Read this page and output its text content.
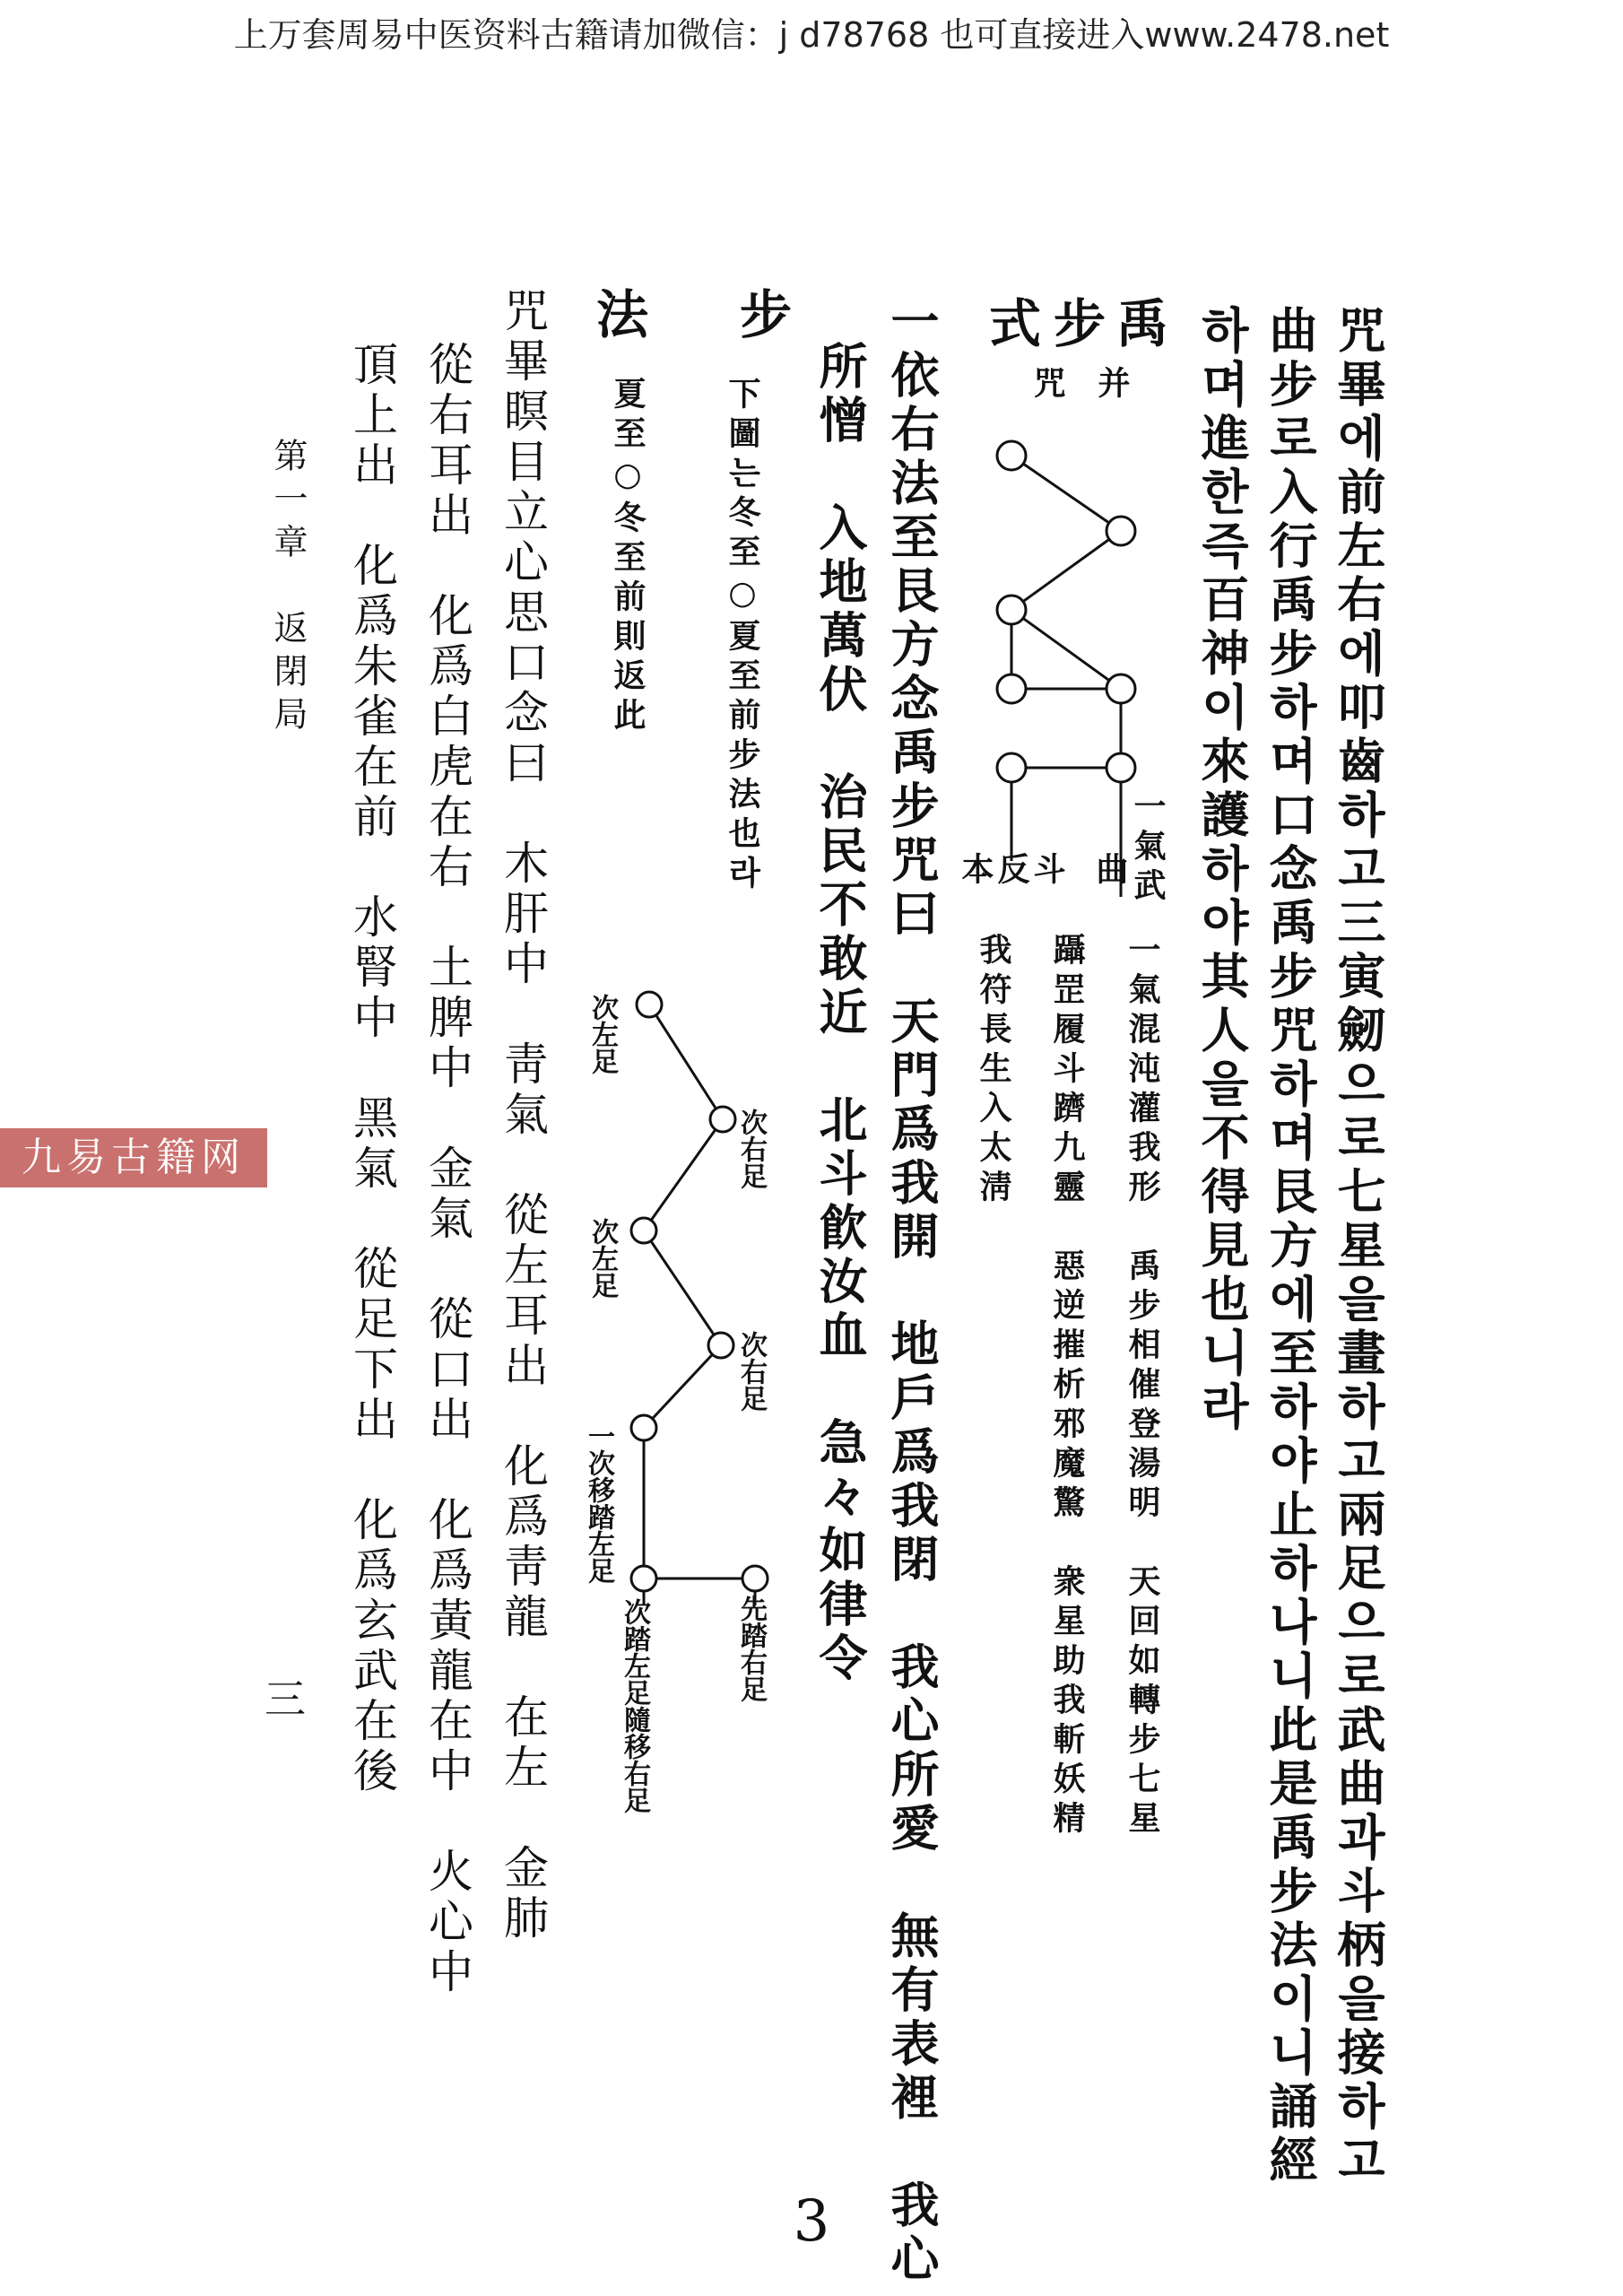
上万套周易中医资料古籍请加微信：j d78768 也可直接进入www.2478.net
咒畢에前左右에叩齒하고三寅劒으로七星을畫하고兩足으로武曲과斗柄을接하고
曲步로入行禹步하며口念禹步咒하며艮方에至하야止하나니此是禹步法이니誦經
하며進한즉百神이來護하야其人을不得見也니라
禹
步
式
并
咒
一氣武
曲
斗
反
本
一氣混沌灌我形　禹步相催登湯明　天回如轉步七星
躡罡履斗躋九靈　惡逆摧析邪魔驚　衆星助我斬妖精
我符長生入太淸
一依右法至艮方念禹步咒曰　天門爲我開　地戶爲我閉　我心所愛　無有表裡　我心
所憎　入地萬伏　治民不敢近　北斗飮汝血　急々如律令
步
下圖는冬至○夏至前步法也라
法
夏至○冬至前則返此
次左足
次右足
次左足
次右足
一次移踏左足
先踏右足
次踏左足隨移右足
咒畢瞑目立心思口念曰　木肝中　靑氣　從左耳出　化爲靑龍　在左　金肺
從右耳出　化爲白虎在右　土脾中　金氣　從口出　化爲黃龍在中　火心中
頂上出　化爲朱雀在前　水腎中　黑氣　從足下出　化爲玄武在後
第一章　返閉局
三
九易古籍网
3
